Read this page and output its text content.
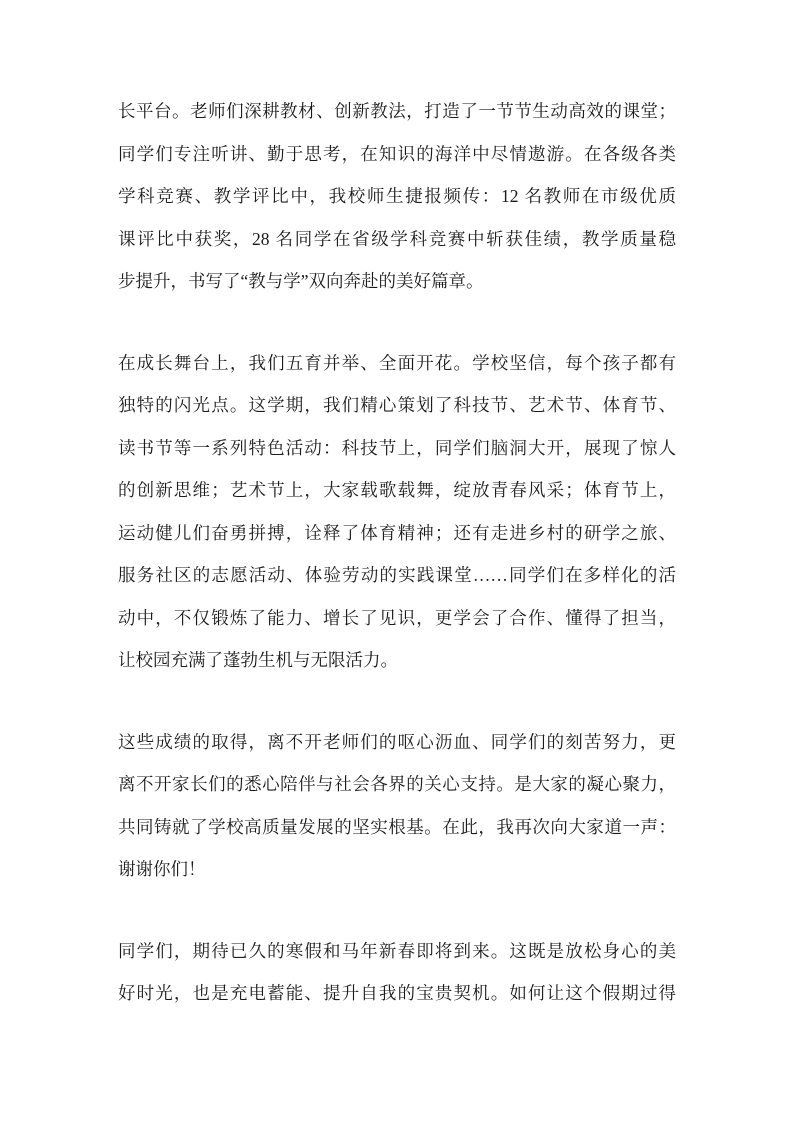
长平台。老师们深耕教材、创新教法，打造了一节节生动高效的课堂；
同学们专注听讲、勤于思考，在知识的海洋中尽情遨游。在各级各类
学科竞赛、教学评比中，我校师生捷报频传：12 名教师在市级优质
课评比中获奖，28 名同学在省级学科竞赛中斩获佳绩，教学质量稳
步提升，书写了“教与学”双向奔赴的美好篇章。
在成长舞台上，我们五育并举、全面开花。学校坚信，每个孩子都有
独特的闪光点。这学期，我们精心策划了科技节、艺术节、体育节、
读书节等一系列特色活动：科技节上，同学们脑洞大开，展现了惊人
的创新思维；艺术节上，大家载歌载舞，绽放青春风采；体育节上，
运动健儿们奋勇拼搏，诠释了体育精神；还有走进乡村的研学之旅、
服务社区的志愿活动、体验劳动的实践课堂……同学们在多样化的活
动中，不仅锻炼了能力、增长了见识，更学会了合作、懂得了担当，
让校园充满了蓬勃生机与无限活力。
这些成绩的取得，离不开老师们的呕心沥血、同学们的刻苦努力，更
离不开家长们的悉心陪伴与社会各界的关心支持。是大家的凝心聚力，
共同铸就了学校高质量发展的坚实根基。在此，我再次向大家道一声：
谢谢你们！
同学们，期待已久的寒假和马年新春即将到来。这既是放松身心的美
好时光，也是充电蓄能、提升自我的宝贵契机。如何让这个假期过得
